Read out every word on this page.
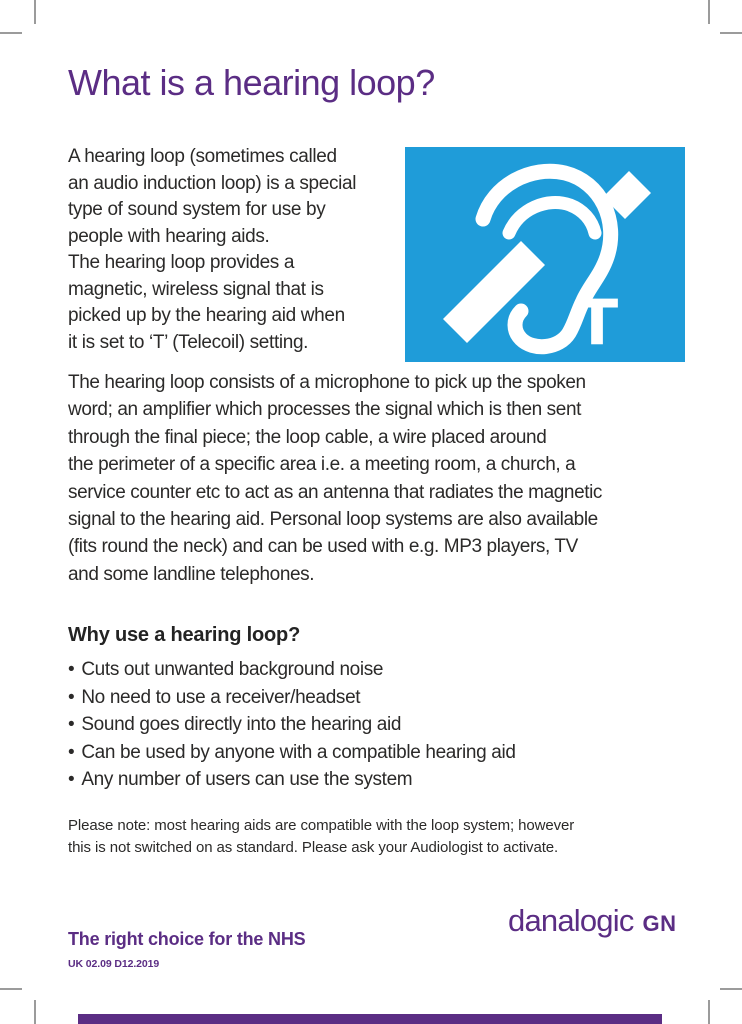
What is a hearing loop?
A hearing loop (sometimes called
an audio induction loop) is a special
type of sound system for use by
people with hearing aids.
The hearing loop provides a
magnetic, wireless signal that is
picked up by the hearing aid when
it is set to ‘T’ (Telecoil) setting.	T
The hearing loop consists of a microphone to pick up the spoken
word; an amplifier which processes the signal which is then sent
through the final piece; the loop cable, a wire placed around
the perimeter of a specific area i.e. a meeting room, a church, a
service counter etc to act as an antenna that radiates the magnetic
signal to the hearing aid. Personal loop systems are also available
(fits round the neck) and can be used with e.g. MP3 players, TV
and some landline telephones.
Why use a hearing loop?
• Cuts out unwanted background noise
• No need to use a receiver/headset
• Sound goes directly into the hearing aid
• Can be used by anyone with a compatible hearing aid
• Any number of users can use the system
Please note: most hearing aids are compatible with the loop system; however
this is not switched on as standard. Please ask your Audiologist to activate.
The right choice for the NHS
UK 02.09 D12.2019
danalogic GN
